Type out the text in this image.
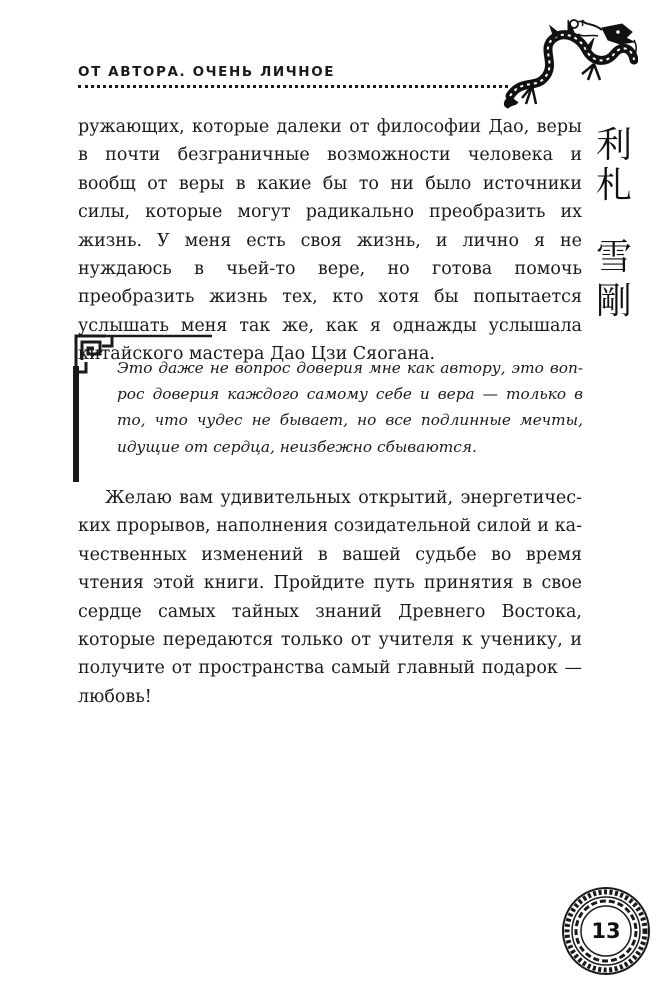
ОТ АВТОРА. ОЧЕНЬ ЛИЧНОЕ

ружающих, которые далеки от философии Дао, веры в почти безграничные возможности человека и вообщ от веры в какие бы то ни было источники силы, которые могут радикально преобразить их жизнь. У меня есть своя жизнь, и лично я не нуждаюсь в чьей-то вере, но готова помочь преобразить жизнь тех, кто хотя бы попытается услышать меня так же, как я однажды услышала китайского мастера Дао Цзи Сяогана.

Это даже не вопрос доверия мне как автору, это вопрос доверия каждого самому себе и вера — только в то, что чудес не бывает, но все подлинные мечты, идущие от сердца, неизбежно сбываются.

Желаю вам удивительных открытий, энергетических прорывов, наполнения созидательной силой и качественных изменений в вашей судьбе во время чтения этой книги. Пройдите путь принятия в свое сердце самых тайных знаний Древнего Востока, которые передаются только от учителя к ученику, и получите от пространства самый главный подарок — любовь!

利
札
雪
剛
13
